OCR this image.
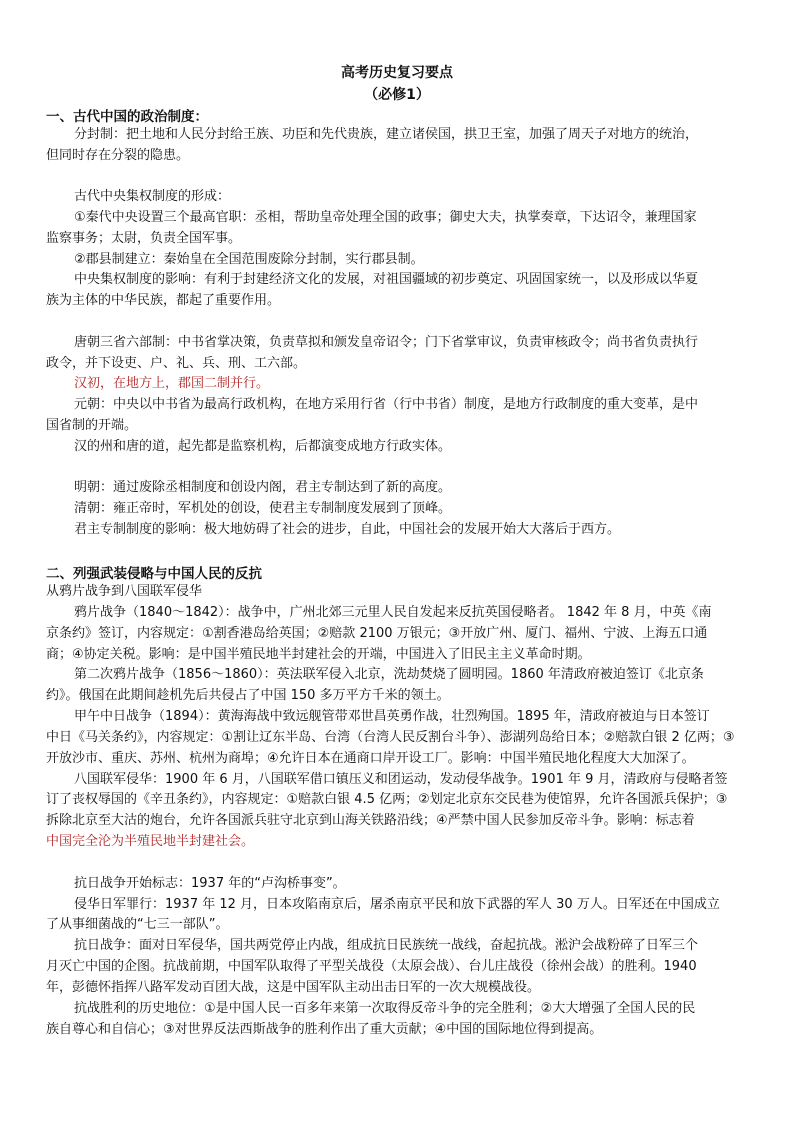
高考历史复习要点
（必修1）
一、古代中国的政治制度：
分封制：把土地和人民分封给王族、功臣和先代贵族，建立诸侯国，拱卫王室，加强了周天子对地方的统治，
但同时存在分裂的隐患。
古代中央集权制度的形成：
①秦代中央设置三个最高官职：丞相，帮助皇帝处理全国的政事；御史大夫，执掌奏章，下达诏令，兼理国家
监察事务；太尉，负责全国军事。
②郡县制建立：秦始皇在全国范围废除分封制，实行郡县制。
中央集权制度的影响：有利于封建经济文化的发展，对祖国疆域的初步奠定、巩固国家统一，以及形成以华夏
族为主体的中华民族，都起了重要作用。
唐朝三省六部制：中书省掌决策，负责草拟和颁发皇帝诏令；门下省掌审议，负责审核政令；尚书省负责执行
政令，并下设吏、户、礼、兵、刑、工六部。
汉初，在地方上，郡国二制并行。
元朝：中央以中书省为最高行政机构，在地方采用行省（行中书省）制度，是地方行政制度的重大变革，是中
国省制的开端。
汉的州和唐的道，起先都是监察机构，后都演变成地方行政实体。
明朝：通过废除丞相制度和创设内阁，君主专制达到了新的高度。
清朝：雍正帝时，军机处的创设，使君主专制制度发展到了顶峰。
君主专制制度的影响：极大地妨碍了社会的进步，自此，中国社会的发展开始大大落后于西方。
二、列强武装侵略与中国人民的反抗
从鸦片战争到八国联军侵华
鸦片战争（1840～1842）：战争中，广州北郊三元里人民自发起来反抗英国侵略者。 1842 年 8 月，中英《南
京条约》签订，内容规定：①割香港岛给英国；②赔款 2100 万银元；③开放广州、厦门、福州、宁波、上海五口通
商；④协定关税。影响：是中国半殖民地半封建社会的开端，中国进入了旧民主主义革命时期。
第二次鸦片战争（1856～1860）：英法联军侵入北京，洗劫焚烧了圆明园。1860 年清政府被迫签订《北京条
约》。俄国在此期间趁机先后共侵占了中国 150 多万平方千米的领土。
甲午中日战争（1894）：黄海海战中致远舰管带邓世昌英勇作战，壮烈殉国。1895 年，清政府被迫与日本签订
中日《马关条约》，内容规定：①割让辽东半岛、台湾（台湾人民反割台斗争）、澎湖列岛给日本；②赔款白银 2 亿两；③
开放沙市、重庆、苏州、杭州为商埠；④允许日本在通商口岸开设工厂。影响：中国半殖民地化程度大大加深了。
八国联军侵华：1900 年 6 月，八国联军借口镇压义和团运动，发动侵华战争。1901 年 9 月，清政府与侵略者签
订了丧权辱国的《辛丑条约》，内容规定：①赔款白银 4.5 亿两；②划定北京东交民巷为使馆界，允许各国派兵保护；③
拆除北京至大沽的炮台，允许各国派兵驻守北京到山海关铁路沿线；④严禁中国人民参加反帝斗争。影响：标志着
中国完全沦为半殖民地半封建社会。
抗日战争开始标志：1937 年的“卢沟桥事变”。
侵华日军罪行：1937 年 12 月，日本攻陷南京后，屠杀南京平民和放下武器的军人 30 万人。日军还在中国成立
了从事细菌战的“七三一部队”。
抗日战争：面对日军侵华，国共两党停止内战，组成抗日民族统一战线，奋起抗战。淞沪会战粉碎了日军三个
月灭亡中国的企图。抗战前期，中国军队取得了平型关战役（太原会战）、台儿庄战役（徐州会战）的胜利。1940
年，彭德怀指挥八路军发动百团大战，这是中国军队主动出击日军的一次大规模战役。
抗战胜利的历史地位：①是中国人民一百多年来第一次取得反帝斗争的完全胜利；②大大增强了全国人民的民
族自尊心和自信心；③对世界反法西斯战争的胜利作出了重大贡献；④中国的国际地位得到提高。
